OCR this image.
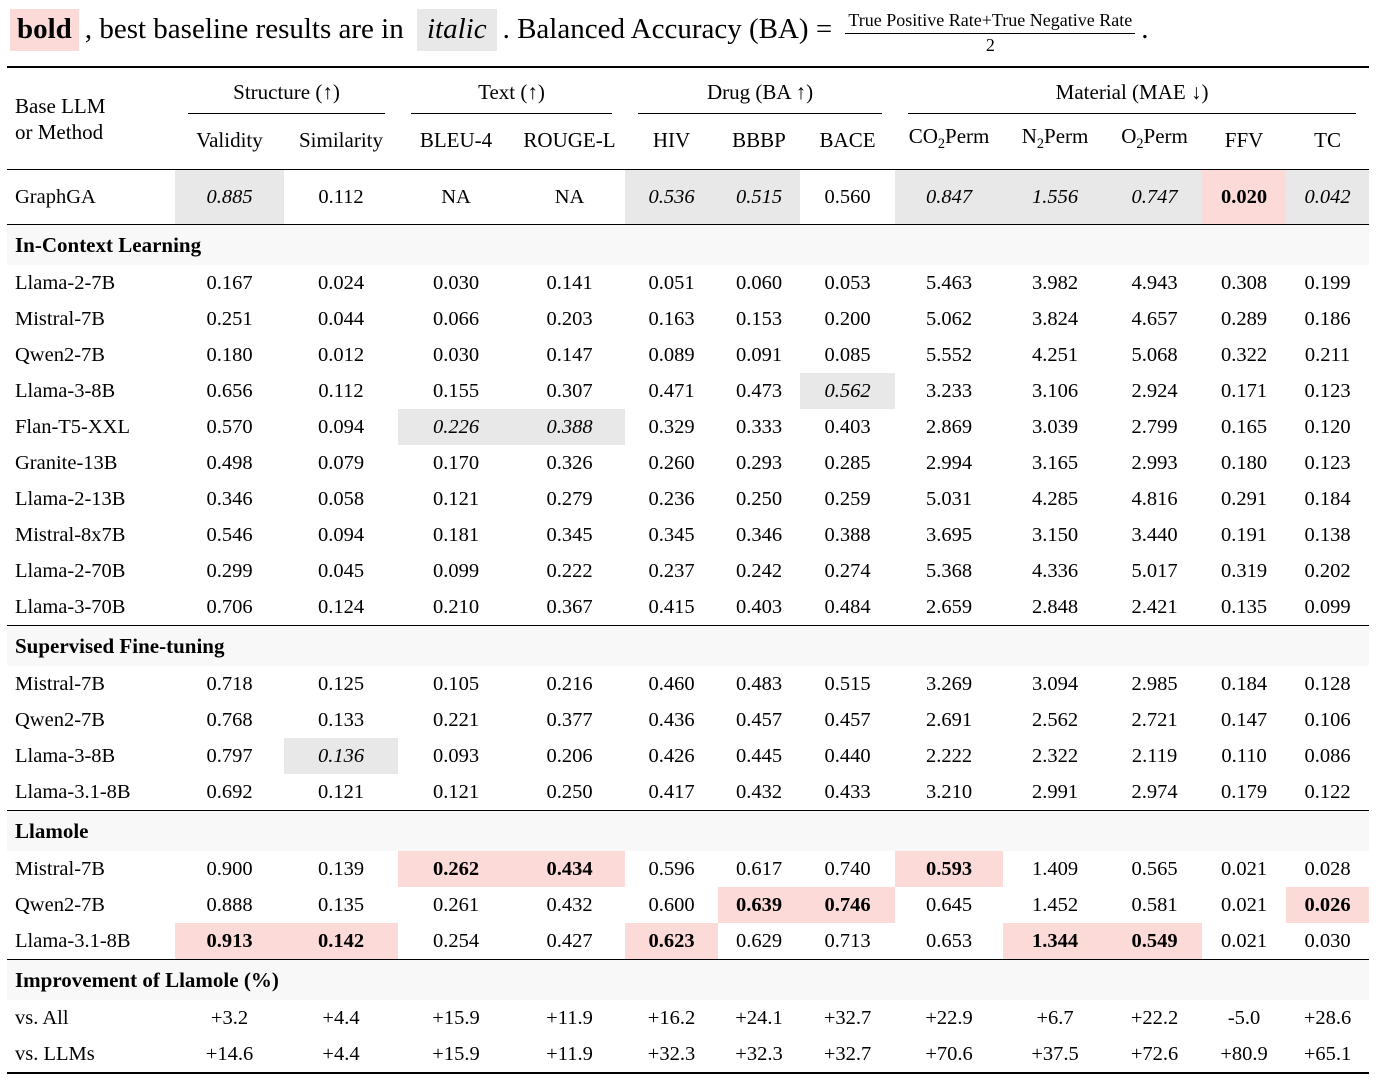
bold , best baseline results are in italic . Balanced Accuracy $(BA) = \frac{\text{True Positive Rate+True Negative Rate}}{2}$ .
Base LLM
or Method	Structure (↑)		Text (↑)		Drug (BA ↑)			Material (MAE ↓)				

	Validity	Similarity	BLEU-4	ROUGE-L	HIV	BBBP	BACE	$CO_2Perm$	$N_2Perm$	$O_2Perm$	FFV	TC
GraphGA	0.885	0.112	NA	NA	0.536	0.515	0.560	0.847	1.556	0.747	0.020	0.042
In-Context Learning												
Llama-2-7B	0.167	0.024	0.030	0.141	0.051	0.060	0.053	5.463	3.982	4.943	0.308	0.199
Mistral-7B	0.251	0.044	0.066	0.203	0.163	0.153	0.200	5.062	3.824	4.657	0.289	0.186
Qwen2-7B	0.180	0.012	0.030	0.147	0.089	0.091	0.085	5.552	4.251	5.068	0.322	0.211
Llama-3-8B	0.656	0.112	0.155	0.307	0.471	0.473	0.562	3.233	3.106	2.924	0.171	0.123
Flan-T5-XXL	0.570	0.094	0.226	0.388	0.329	0.333	0.403	2.869	3.039	2.799	0.165	0.120
Granite-13B	0.498	0.079	0.170	0.326	0.260	0.293	0.285	2.994	3.165	2.993	0.180	0.123
Llama-2-13B	0.346	0.058	0.121	0.279	0.236	0.250	0.259	5.031	4.285	4.816	0.291	0.184
Mistral-8x7B	0.546	0.094	0.181	0.345	0.345	0.346	0.388	3.695	3.150	3.440	0.191	0.138
Llama-2-70B	0.299	0.045	0.099	0.222	0.237	0.242	0.274	5.368	4.336	5.017	0.319	0.202
Llama-3-70B	0.706	0.124	0.210	0.367	0.415	0.403	0.484	2.659	2.848	2.421	0.135	0.099
Supervised Fine-tuning												
Mistral-7B	0.718	0.125	0.105	0.216	0.460	0.483	0.515	3.269	3.094	2.985	0.184	0.128
Qwen2-7B	0.768	0.133	0.221	0.377	0.436	0.457	0.457	2.691	2.562	2.721	0.147	0.106
Llama-3-8B	0.797	0.136	0.093	0.206	0.426	0.445	0.440	2.222	2.322	2.119	0.110	0.086
Llama-3.1-8B	0.692	0.121	0.121	0.250	0.417	0.432	0.433	3.210	2.991	2.974	0.179	0.122
Llamole												
Mistral-7B	0.900	0.139	0.262	0.434	0.596	0.617	0.740	0.593	1.409	0.565	0.021	0.028
Qwen2-7B	0.888	0.135	0.261	0.432	0.600	0.639	0.746	0.645	1.452	0.581	0.021	0.026
Llama-3.1-8B	0.913	0.142	0.254	0.427	0.623	0.629	0.713	0.653	1.344	0.549	0.021	0.030
Improvement of Llamole (%)												
vs. All	+3.2	+4.4	+15.9	+11.9	+16.2	+24.1	+32.7	+22.9	+6.7	+22.2	-5.0	+28.6
vs. LLMs	+14.6	+4.4	+15.9	+11.9	+32.3	+32.3	+32.7	+70.6	+37.5	+72.6	+80.9	+65.1
